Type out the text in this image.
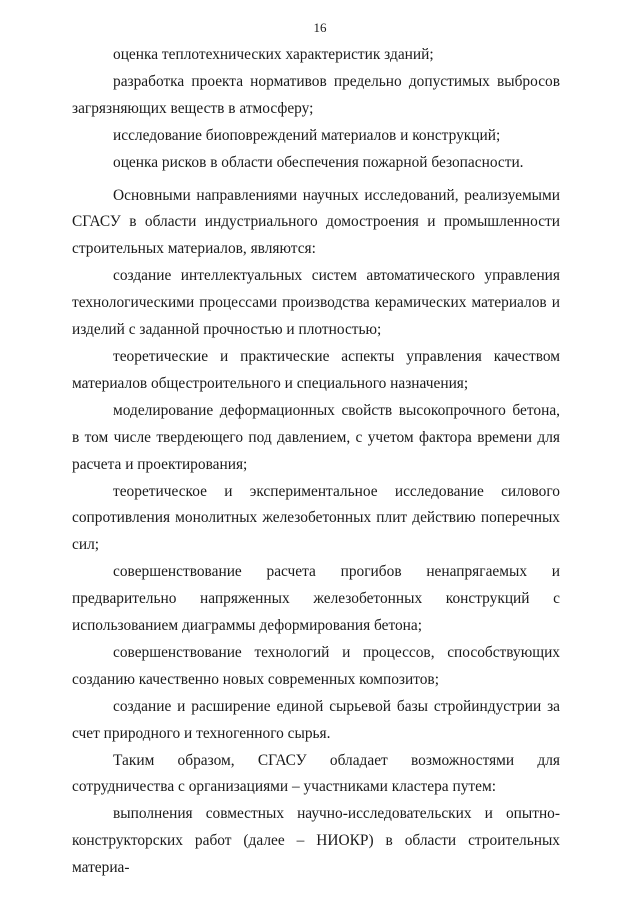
16

оценка теплотехнических характеристик зданий;

разработка проекта нормативов предельно допустимых выбросов загрязняющих веществ в атмосферу;

исследование биоповреждений материалов и конструкций;

оценка рисков в области обеспечения пожарной безопасности.

Основными направлениями научных исследований, реализуемыми СГАСУ в области индустриального домостроения и промышленности строительных материалов, являются:

создание интеллектуальных систем автоматического управления технологическими процессами производства керамических материалов и изделий с заданной прочностью и плотностью;

теоретические и практические аспекты управления качеством материалов общестроительного и специального назначения;

моделирование деформационных свойств высокопрочного бетона, в том числе твердеющего под давлением, с учетом фактора времени для расчета и проектирования;

теоретическое и экспериментальное исследование силового сопротивления монолитных железобетонных плит действию поперечных сил;

совершенствование расчета прогибов ненапрягаемых и предварительно напряженных железобетонных конструкций с использованием диаграммы деформирования бетона;

совершенствование технологий и процессов, способствующих созданию качественно новых современных композитов;

создание и расширение единой сырьевой базы стройиндустрии за счет природного и техногенного сырья.

Таким образом, СГАСУ обладает возможностями для сотрудничества с организациями – участниками кластера путем:

выполнения совместных научно-исследовательских и опытно-конструкторских работ (далее – НИОКР) в области строительных материа-
